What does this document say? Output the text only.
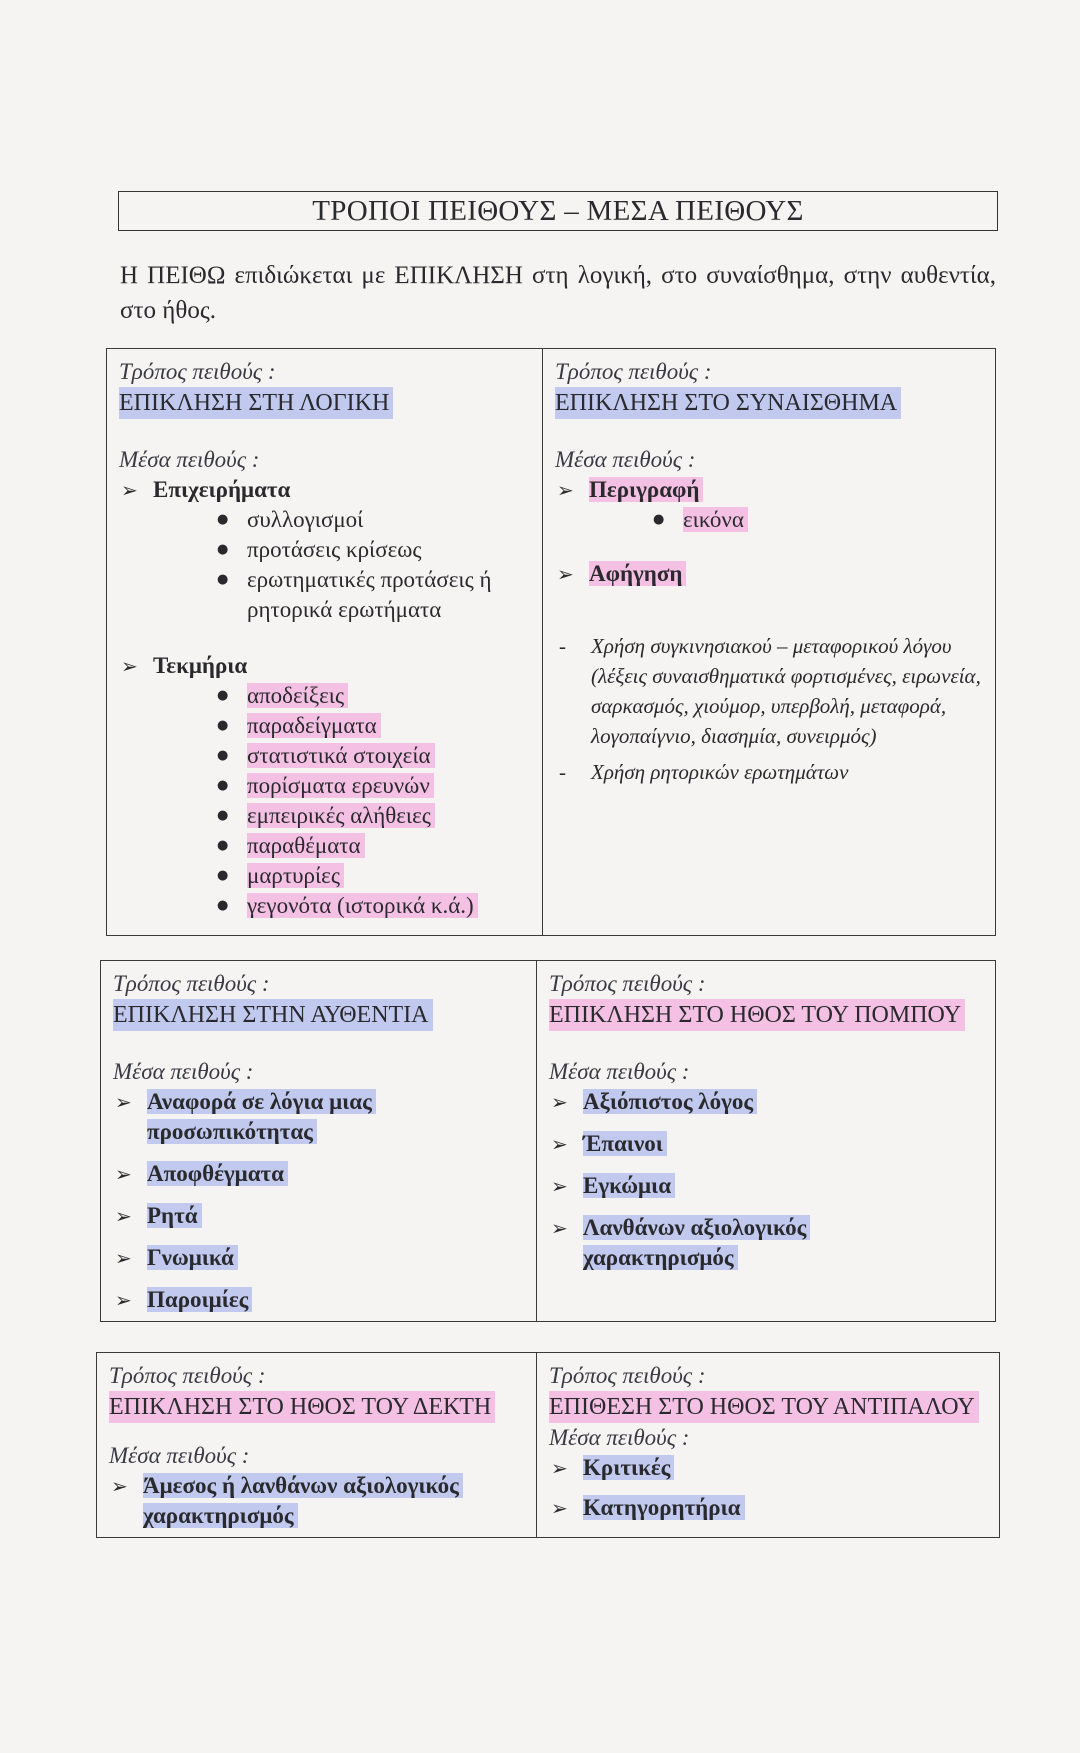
ΤΡΟΠΟΙ ΠΕΙΘΟΥΣ – ΜΕΣΑ ΠΕΙΘΟΥΣ
Η ΠΕΙΘΩ επιδιώκεται με ΕΠΙΚΛΗΣΗ στη λογική, στο συναίσθημα, στην αυθεντία, στο ήθος.
Τρόπος πειθούς :
ΕΠΙΚΛΗΣΗ ΣΤΗ ΛΟΓΙΚΗ
Μέσα πειθούς :
➢ Επιχειρήματα
● συλλογισμοί
● προτάσεις κρίσεως
● ερωτηματικές προτάσεις ή ρητορικά ερωτήματα
➢ Τεκμήρια
● αποδείξεις
● παραδείγματα
● στατιστικά στοιχεία
● πορίσματα ερευνών
● εμπειρικές αλήθειες
● παραθέματα
● μαρτυρίες
● γεγονότα (ιστορικά κ.ά.)
Τρόπος πειθούς :
ΕΠΙΚΛΗΣΗ ΣΤΟ ΣΥΝΑΙΣΘΗΜΑ
Μέσα πειθούς :
➢ Περιγραφή
● εικόνα
➢ Αφήγηση
- Χρήση συγκινησιακού – μεταφορικού λόγου (λέξεις συναισθηματικά φορτισμένες, ειρωνεία, σαρκασμός, χιούμορ, υπερβολή, μεταφορά, λογοπαίγνιο, διασημία, συνειρμός)
- Χρήση ρητορικών ερωτημάτων
Τρόπος πειθούς :
ΕΠΙΚΛΗΣΗ ΣΤΗΝ ΑΥΘΕΝΤΙΑ
Μέσα πειθούς :
➢ Αναφορά σε λόγια μιας προσωπικότητας
➢ Αποφθέγματα
➢ Ρητά
➢ Γνωμικά
➢ Παροιμίες
Τρόπος πειθούς :
ΕΠΙΚΛΗΣΗ ΣΤΟ ΗΘΟΣ ΤΟΥ ΠΟΜΠΟΥ
Μέσα πειθούς :
➢ Αξιόπιστος λόγος
➢ Έπαινοι
➢ Εγκώμια
➢ Λανθάνων αξιολογικός χαρακτηρισμός
Τρόπος πειθούς :
ΕΠΙΚΛΗΣΗ ΣΤΟ ΗΘΟΣ ΤΟΥ ΔΕΚΤΗ
Μέσα πειθούς :
➢ Άμεσος ή λανθάνων αξιολογικός χαρακτηρισμός
Τρόπος πειθούς :
ΕΠΙΘΕΣΗ ΣΤΟ ΗΘΟΣ ΤΟΥ ΑΝΤΙΠΑΛΟΥ
Μέσα πειθούς :
➢ Κριτικές
➢ Κατηγορητήρια
